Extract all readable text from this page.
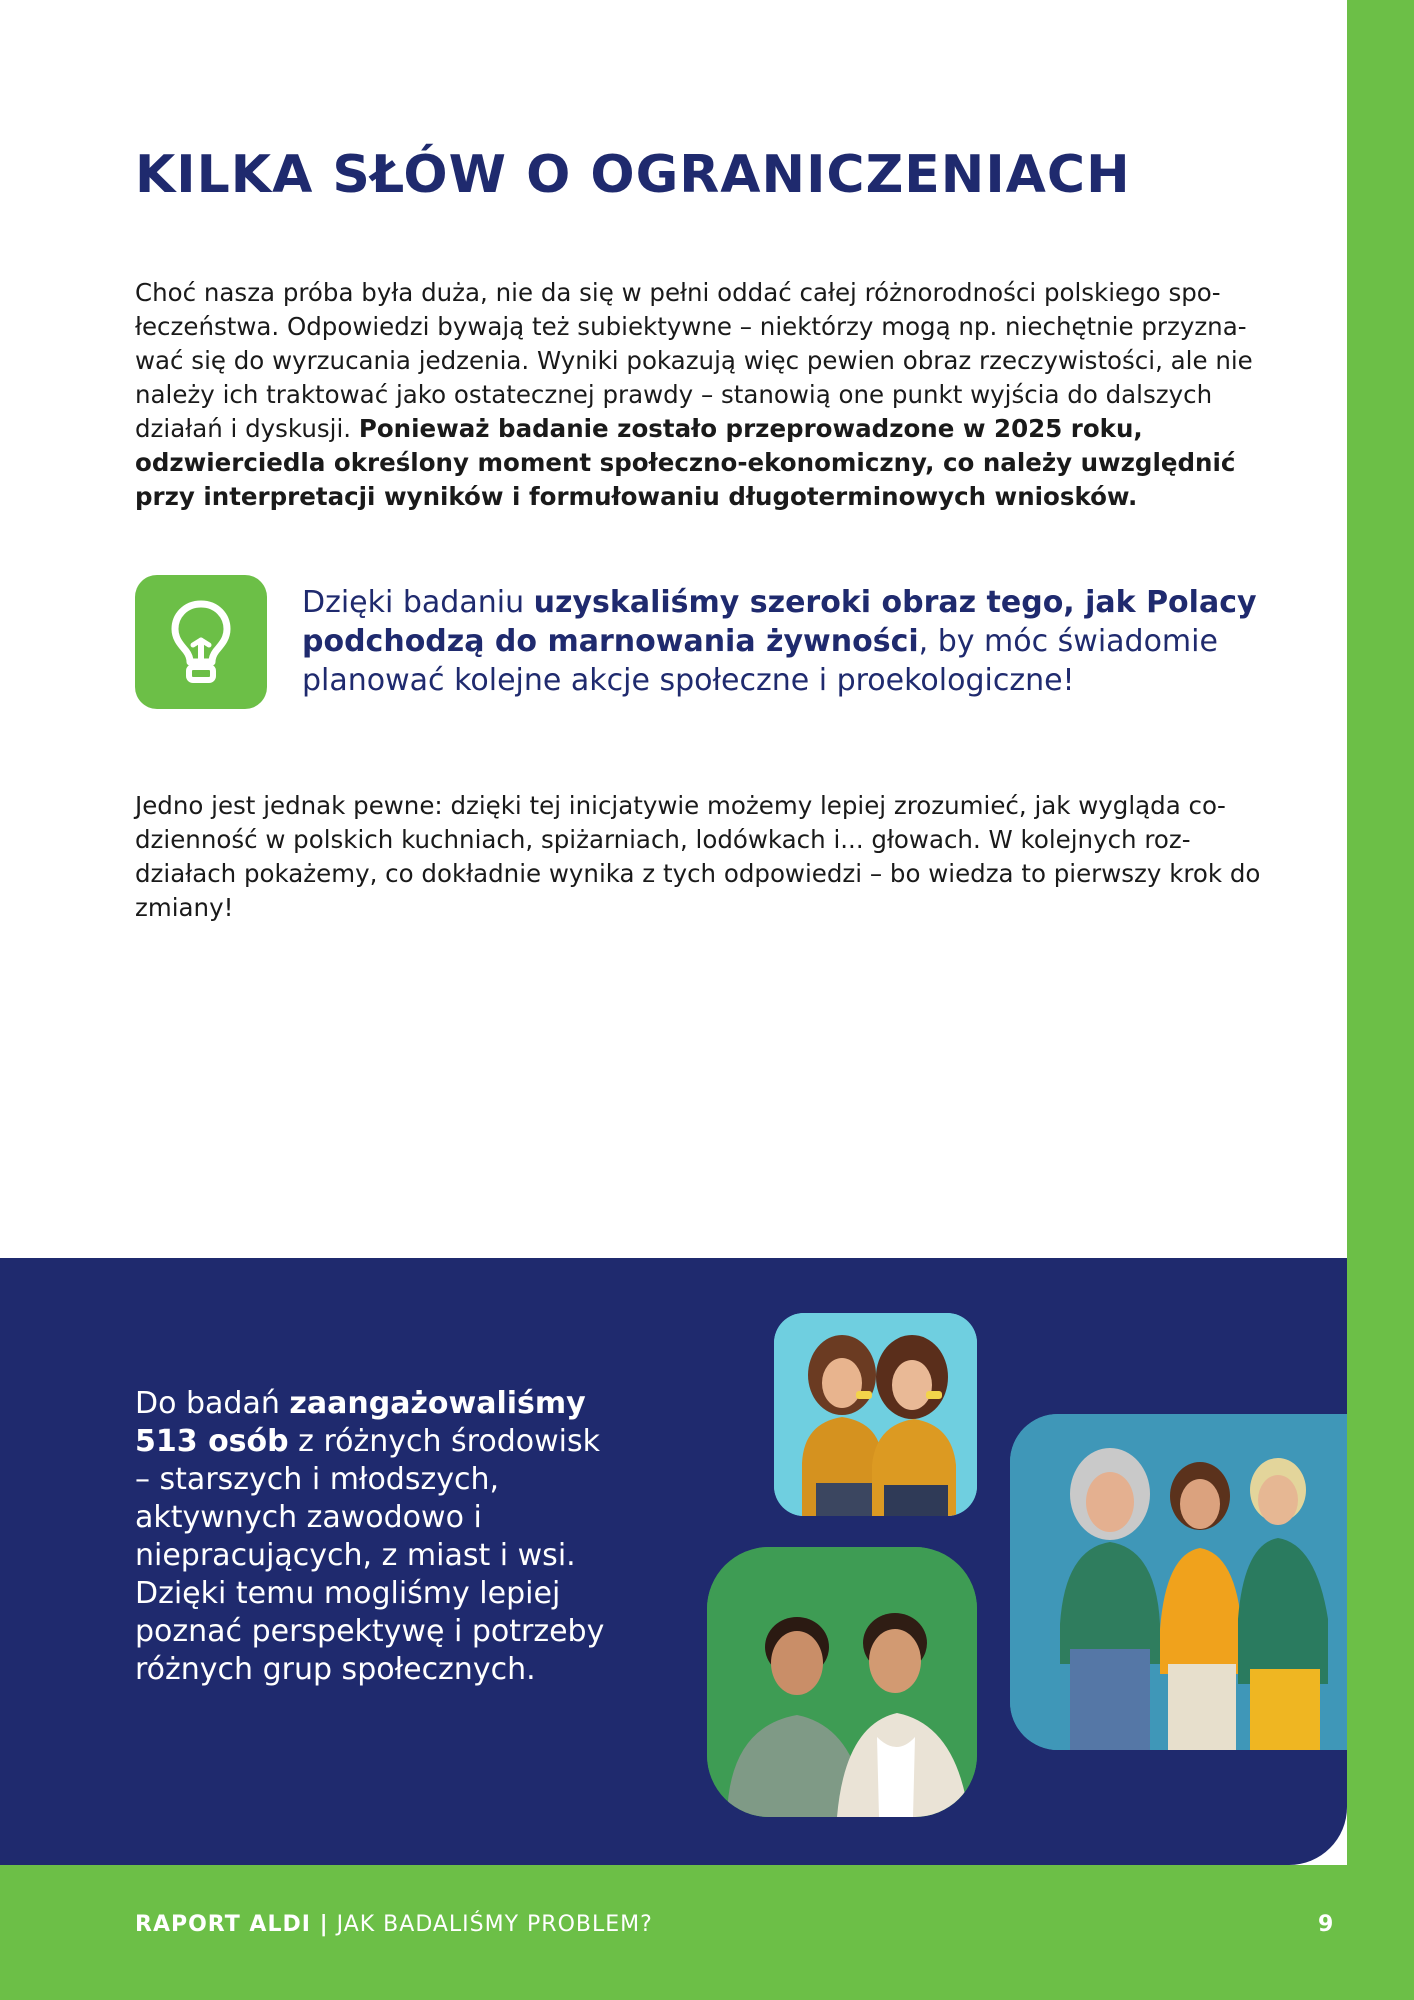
KILKA SŁÓW O OGRANICZENIACH

Choć nasza próba była duża, nie da się w pełni oddać całej różnorodności polskiego społeczeństwa. Odpowiedzi bywają też subiektywne – niektórzy mogą np. niechętnie przyznawać się do wyrzucania jedzenia. Wyniki pokazują więc pewien obraz rzeczywistości, ale nie należy ich traktować jako ostatecznej prawdy – stanowią one punkt wyjścia do dalszych działań i dyskusji. Ponieważ badanie zostało przeprowadzone w 2025 roku, odzwierciedla określony moment społeczno-ekonomiczny, co należy uwzględnić przy interpretacji wyników i formułowaniu długoterminowych wniosków.

Dzięki badaniu uzyskaliśmy szeroki obraz tego, jak Polacy podchodzą do marnowania żywności, by móc świadomie planować kolejne akcje społeczne i proekologiczne!

Jedno jest jednak pewne: dzięki tej inicjatywie możemy lepiej zrozumieć, jak wygląda codzienność w polskich kuchniach, spiżarniach, lodówkach i... głowach. W kolejnych rozdziałach pokażemy, co dokładnie wynika z tych odpowiedzi – bo wiedza to pierwszy krok do zmiany!

Do badań zaangażowaliśmy 513 osób z różnych środowisk – starszych i młodszych, aktywnych zawodowo i niepracujących, z miast i wsi. Dzięki temu mogliśmy lepiej poznać perspektywę i potrzeby różnych grup społecznych.

RAPORT ALDI | JAK BADALIŚMY PROBLEM?	9
